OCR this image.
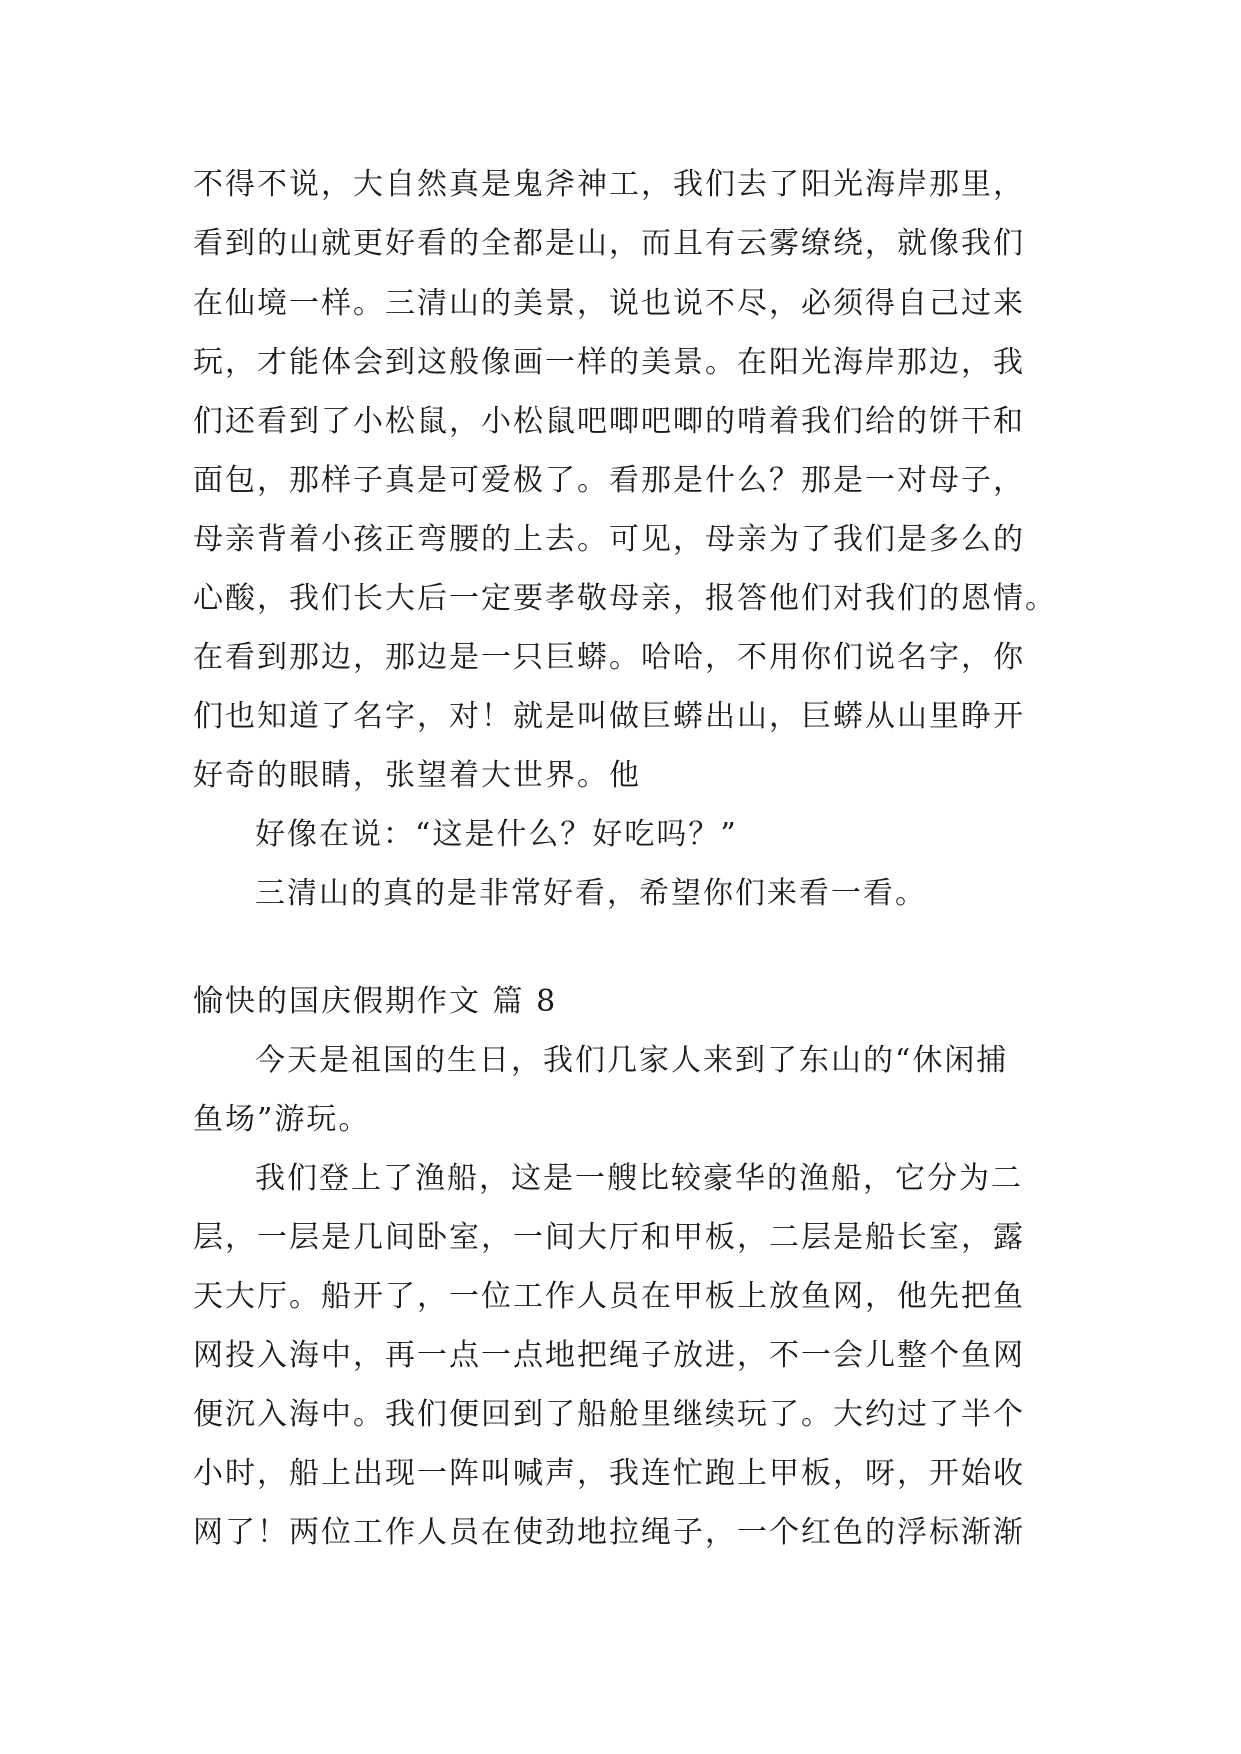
不得不说，大自然真是鬼斧神工，我们去了阳光海岸那里，
看到的山就更好看的全都是山，而且有云雾缭绕，就像我们
在仙境一样。三清山的美景，说也说不尽，必须得自己过来
玩，才能体会到这般像画一样的美景。在阳光海岸那边，我
们还看到了小松鼠，小松鼠吧唧吧唧的啃着我们给的饼干和
面包，那样子真是可爱极了。看那是什么？那是一对母子，
母亲背着小孩正弯腰的上去。可见，母亲为了我们是多么的
心酸，我们长大后一定要孝敬母亲，报答他们对我们的恩情。
在看到那边，那边是一只巨蟒。哈哈，不用你们说名字，你
们也知道了名字，对！就是叫做巨蟒出山，巨蟒从山里睁开
好奇的眼睛，张望着大世界。他
好像在说：“这是什么？好吃吗？”
三清山的真的是非常好看，希望你们来看一看。
愉快的国庆假期作文 篇 8
今天是祖国的生日，我们几家人来到了东山的“休闲捕
鱼场”游玩。
我们登上了渔船，这是一艘比较豪华的渔船，它分为二
层，一层是几间卧室，一间大厅和甲板，二层是船长室，露
天大厅。船开了，一位工作人员在甲板上放鱼网，他先把鱼
网投入海中，再一点一点地把绳子放进，不一会儿整个鱼网
便沉入海中。我们便回到了船舱里继续玩了。大约过了半个
小时，船上出现一阵叫喊声，我连忙跑上甲板，呀，开始收
网了！两位工作人员在使劲地拉绳子，一个红色的浮标渐渐
